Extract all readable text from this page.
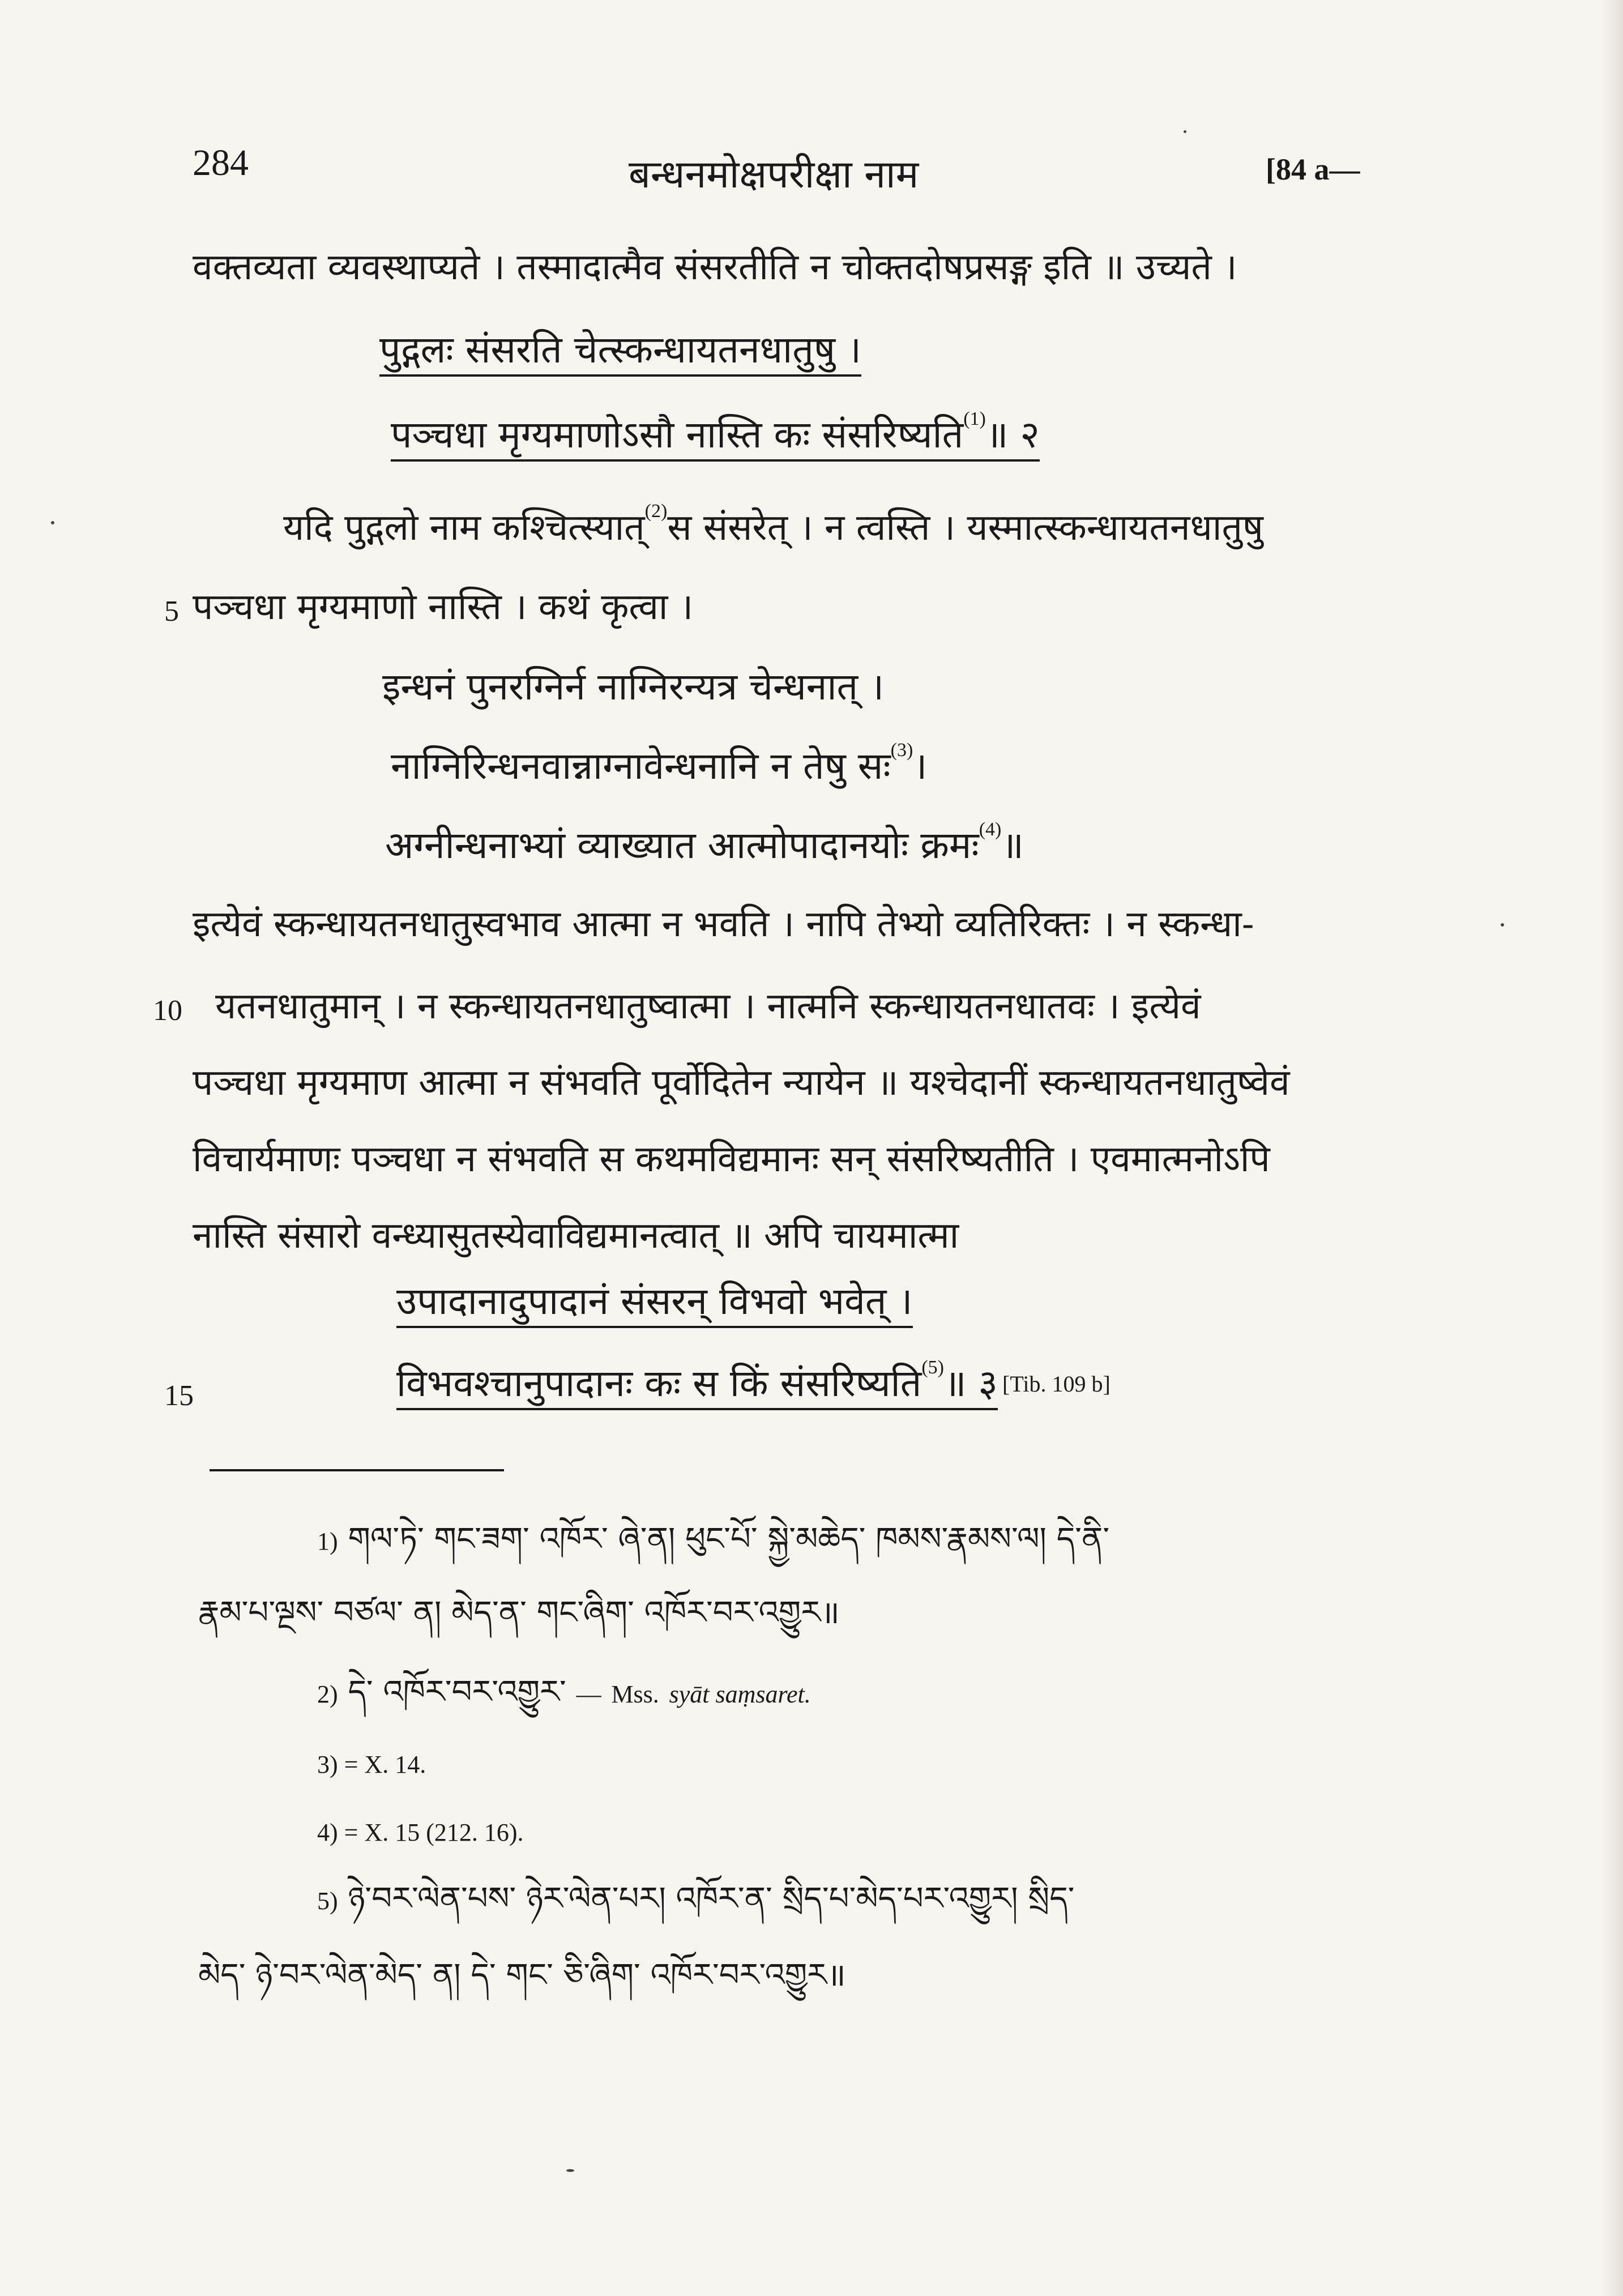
284	बन्धनमोक्षपरीक्षा नाम	[84 a—
वक्तव्यता व्यवस्थाप्यते । तस्मादात्मैव संसरतीति न चोक्तदोषप्रसङ्ग इति ॥ उच्यते ।
पुद्गलः संसरति चेत्स्कन्धायतनधातुषु ।
पञ्चधा मृग्यमाणोऽसौ नास्ति कः संसरिष्यति$^{(1)}$॥ २
यदि पुद्गलो नाम कश्चित्स्यात्$^{(2)}$स संसरेत् । न त्वस्ति । यस्मात्स्कन्धायतनधातुषु
5 पञ्चधा मृग्यमाणो नास्ति । कथं कृत्वा ।
इन्धनं पुनरग्निर्न नाग्निरन्यत्र चेन्धनात् ।
नाग्निरिन्धनवान्नाग्नावेन्धनानि न तेषु सः$^{(3)}$।
अग्नीन्धनाभ्यां व्याख्यात आत्मोपादानयोः क्रमः$^{(4)}$॥
इत्येवं स्कन्धायतनधातुस्वभाव आत्मा न भवति । नापि तेभ्यो व्यतिरिक्तः । न स्कन्धा-
10 यतनधातुमान् । न स्कन्धायतनधातुष्वात्मा । नात्मनि स्कन्धायतनधातवः । इत्येवं
पञ्चधा मृग्यमाण आत्मा न संभवति पूर्वोदितेन न्यायेन ॥ यश्चेदानीं स्कन्धायतनधातुष्वेवं
विचार्यमाणः पञ्चधा न संभवति स कथमविद्यमानः सन् संसरिष्यतीति । एवमात्मनोऽपि
नास्ति संसारो वन्ध्यासुतस्येवाविद्यमानत्वात् ॥ अपि चायमात्मा
उपादानादुपादानं संसरन् विभवो भवेत् ।
15	विभवश्चानुपादानः कः स किं संसरिष्यति$^{(5)}$॥ ३ [Tib. 109 b]
1) གལ་ཏེ་ གང་ཟག་ འཁོར་ ཞེ་ན། ཕུང་པོ་ སྐྱེ་མཆེད་ ཁམས་རྣམས་ལ། དེ་ནི་
རྣམ་པ་ལྔས་ བཙལ་ ན། མེད་ན་ གང་ཞིག་ འཁོར་བར་འགྱུར॥
2) དེ་ འཁོར་བར་འགྱུར་ — Mss. syāt saṃsaret.
3) = X. 14.
4) = X. 15 (212. 16).
5) ཉེ་བར་ལེན་པས་ ཉེར་ལེན་པར། འཁོར་ན་ སྲིད་པ་མེད་པར་འགྱུར། སྲིད་
མེད་ ཉེ་བར་ལེན་མེད་ ན། དེ་ གང་ ཅི་ཞིག་ འཁོར་བར་འགྱུར॥
